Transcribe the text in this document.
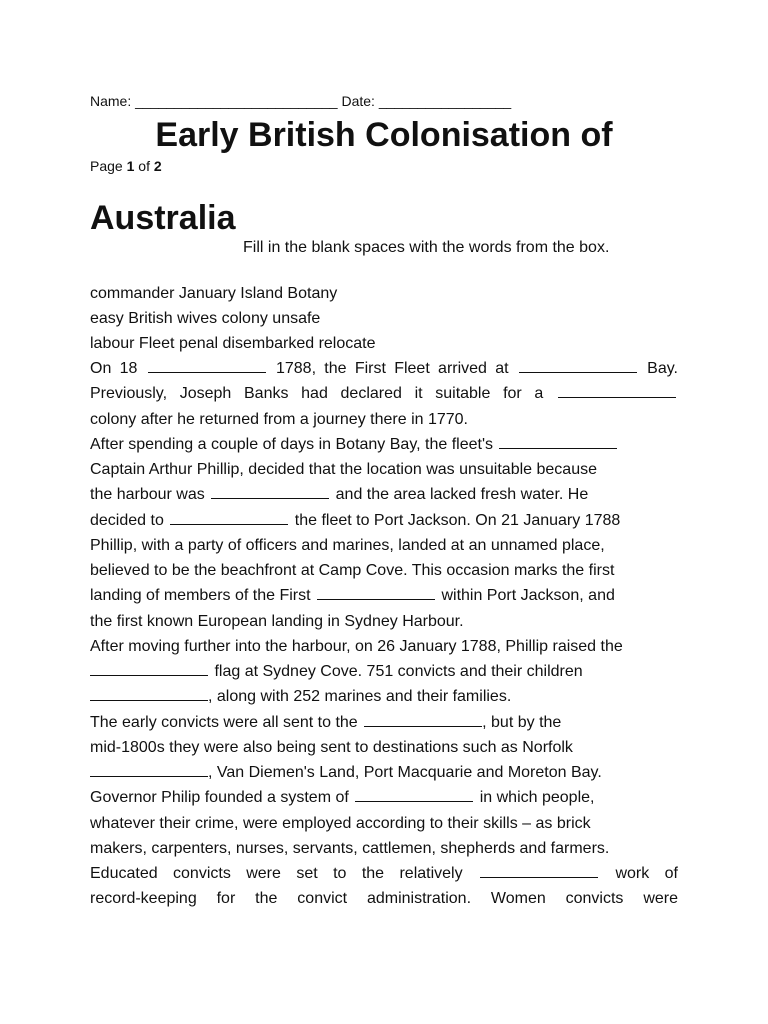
Name: __________________________ Date: _________________
Early British Colonisation of
Page 1 of 2
Australia
Fill in the blank spaces with the words from the box.
commander January Island Botany
easy British wives colony unsafe
labour Fleet penal disembarked relocate

On 18	1788, the First Fleet arrived at	Bay.

Previously, Joseph Banks had declared it suitable for a

colony after he returned from a journey there in 1770.

After spending a couple of days in Botany Bay, the fleet's

Captain Arthur Phillip, decided that the location was unsuitable because

the harbour was	and the area lacked fresh water. He

decided to	the fleet to Port Jackson. On 21 January 1788

Phillip, with a party of officers and marines, landed at an unnamed place,

believed to be the beachfront at Camp Cove. This occasion marks the first

landing of members of the First	within Port Jackson, and

the first known European landing in Sydney Harbour.

After moving further into the harbour, on 26 January 1788, Phillip raised the

flag at Sydney Cove. 751 convicts and their children

, along with 252 marines and their families.

The early convicts were all sent to the	, but by the

mid-1800s they were also being sent to destinations such as Norfolk

, Van Diemen's Land, Port Macquarie and Moreton Bay.

Governor Philip founded a system of	in which people,

whatever their crime, were employed according to their skills – as brick

makers, carpenters, nurses, servants, cattlemen, shepherds and farmers.

Educated convicts were set to the relatively	work of

record-keeping for the convict administration. Women convicts were
